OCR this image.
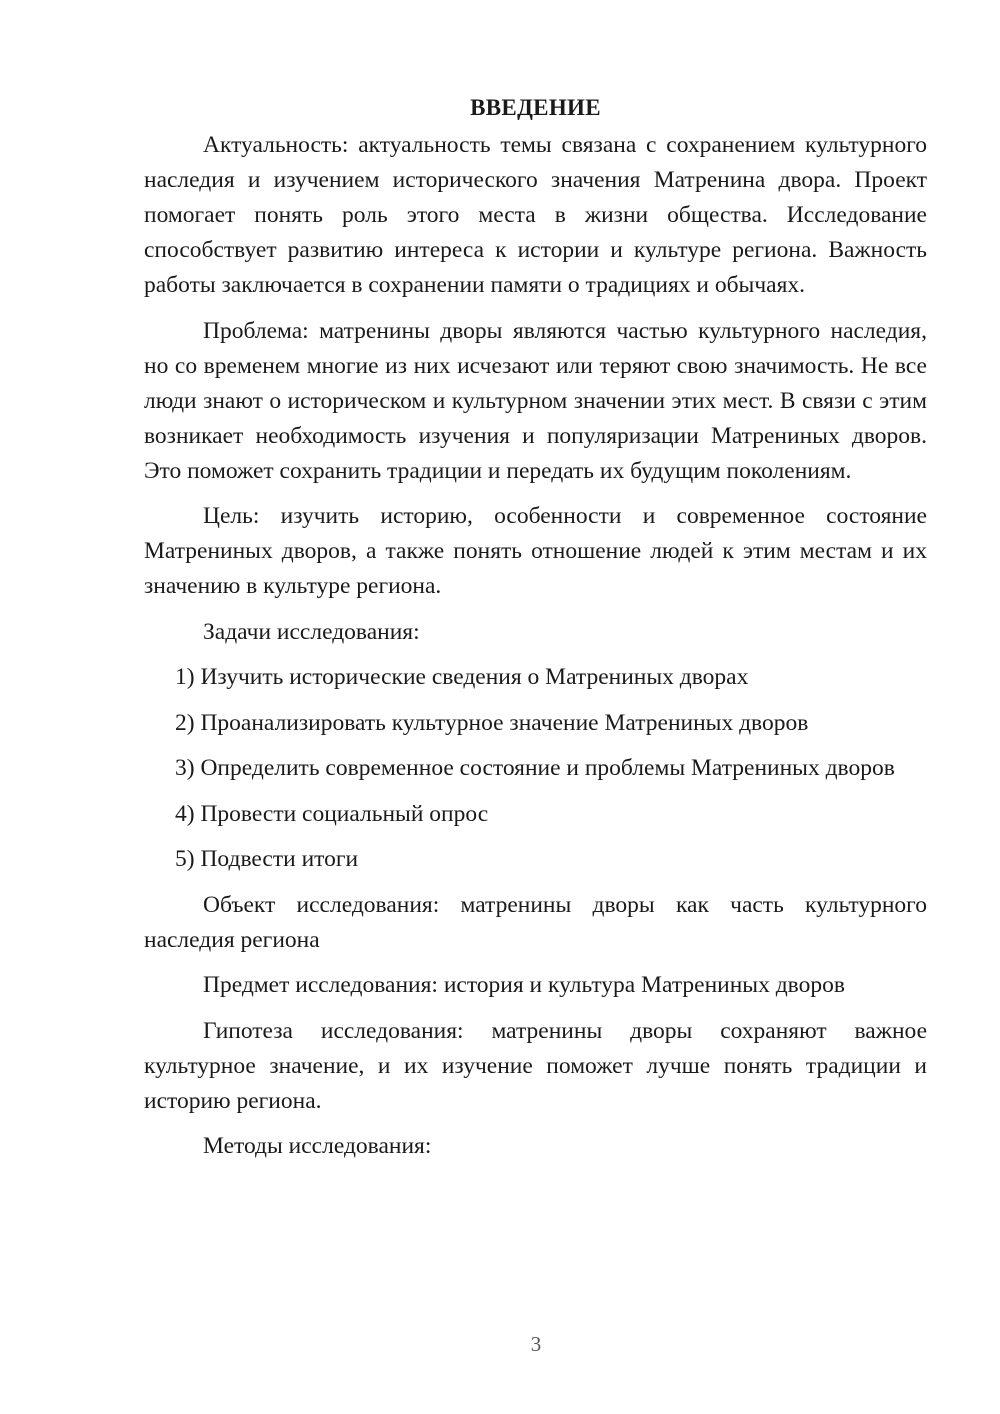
ВВЕДЕНИЕ

Актуальность: актуальность темы связана с сохранением культурного наследия и изучением исторического значения Матренина двора. Проект помогает понять роль этого места в жизни общества. Исследование способствует развитию интереса к истории и культуре региона. Важность работы заключается в сохранении памяти о традициях и обычаях.

Проблема: матренины дворы являются частью культурного наследия, но со временем многие из них исчезают или теряют свою значимость. Не все люди знают о историческом и культурном значении этих мест. В связи с этим возникает необходимость изучения и популяризации Матрениных дворов. Это поможет сохранить традиции и передать их будущим поколениям.

Цель: изучить историю, особенности и современное состояние Матрениных дворов, а также понять отношение людей к этим местам и их значению в культуре региона.

Задачи исследования:

1) Изучить исторические сведения о Матрениных дворах

2) Проанализировать культурное значение Матрениных дворов

3) Определить современное состояние и проблемы Матрениных дворов

4) Провести социальный опрос

5) Подвести итоги

Объект исследования: матренины дворы как часть культурного наследия региона

Предмет исследования: история и культура Матрениных дворов

Гипотеза исследования: матренины дворы сохраняют важное культурное значение, и их изучение поможет лучше понять традиции и историю региона.

Методы исследования:

3
